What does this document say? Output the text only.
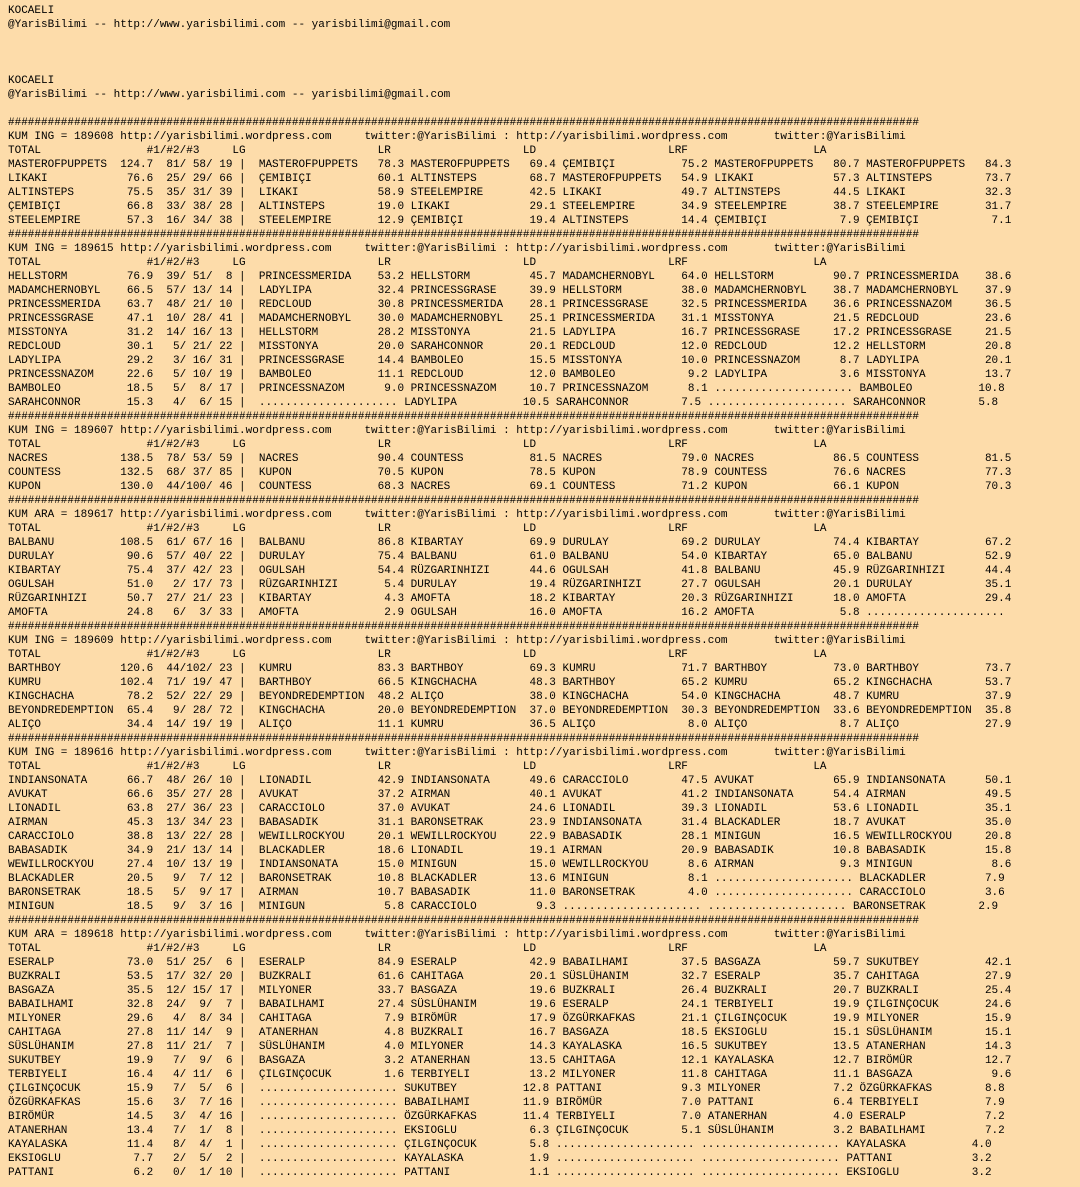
KOCAELI
@YarisBilimi -- http://www.yarisbilimi.com -- yarisbilimi@gmail.com

KOCAELI
@YarisBilimi -- http://www.yarisbilimi.com -- yarisbilimi@gmail.com

##########################################################################################################################################
KUM ING = 189608 http://yarisbilimi.wordpress.com     twitter:@YarisBilimi : http://yarisbilimi.wordpress.com       twitter:@YarisBilimi
TOTAL                #1/#2/#3     LG                    LR                    LD                    LRF                   LA
MASTEROFPUPPETS  124.7  81/ 58/ 19 |  MASTEROFPUPPETS   78.3 MASTEROFPUPPETS   69.4 ÇEMIBIÇI          75.2 MASTEROFPUPPETS   80.7 MASTEROFPUPPETS   84.3
LIKAKI            76.6  25/ 29/ 66 |  ÇEMIBIÇI          60.1 ALTINSTEPS        68.7 MASTEROFPUPPETS   54.9 LIKAKI            57.3 ALTINSTEPS        73.7
ALTINSTEPS        75.5  35/ 31/ 39 |  LIKAKI            58.9 STEELEMPIRE       42.5 LIKAKI            49.7 ALTINSTEPS        44.5 LIKAKI            32.3
ÇEMIBIÇI          66.8  33/ 38/ 28 |  ALTINSTEPS        19.0 LIKAKI            29.1 STEELEMPIRE       34.9 STEELEMPIRE       38.7 STEELEMPIRE       31.7
STEELEMPIRE       57.3  16/ 34/ 38 |  STEELEMPIRE       12.9 ÇEMIBIÇI          19.4 ALTINSTEPS        14.4 ÇEMIBIÇI           7.9 ÇEMIBIÇI           7.1
##########################################################################################################################################
KUM ING = 189615 http://yarisbilimi.wordpress.com     twitter:@YarisBilimi : http://yarisbilimi.wordpress.com       twitter:@YarisBilimi
TOTAL                #1/#2/#3     LG                    LR                    LD                    LRF                   LA
HELLSTORM         76.9  39/ 51/  8 |  PRINCESSMERIDA    53.2 HELLSTORM         45.7 MADAMCHERNOBYL    64.0 HELLSTORM         90.7 PRINCESSMERIDA    38.6
MADAMCHERNOBYL    66.5  57/ 13/ 14 |  LADYLIPA          32.4 PRINCESSGRASE     39.9 HELLSTORM         38.0 MADAMCHERNOBYL    38.7 MADAMCHERNOBYL    37.9
PRINCESSMERIDA    63.7  48/ 21/ 10 |  REDCLOUD          30.8 PRINCESSMERIDA    28.1 PRINCESSGRASE     32.5 PRINCESSMERIDA    36.6 PRINCESSNAZOM     36.5
PRINCESSGRASE     47.1  10/ 28/ 41 |  MADAMCHERNOBYL    30.0 MADAMCHERNOBYL    25.1 PRINCESSMERIDA    31.1 MISSTONYA         21.5 REDCLOUD          23.6
MISSTONYA         31.2  14/ 16/ 13 |  HELLSTORM         28.2 MISSTONYA         21.5 LADYLIPA          16.7 PRINCESSGRASE     17.2 PRINCESSGRASE     21.5
REDCLOUD          30.1   5/ 21/ 22 |  MISSTONYA         20.0 SARAHCONNOR       20.1 REDCLOUD          12.0 REDCLOUD          12.2 HELLSTORM         20.8
LADYLIPA          29.2   3/ 16/ 31 |  PRINCESSGRASE     14.4 BAMBOLEO          15.5 MISSTONYA         10.0 PRINCESSNAZOM      8.7 LADYLIPA          20.1
PRINCESSNAZOM     22.6   5/ 10/ 19 |  BAMBOLEO          11.1 REDCLOUD          12.0 BAMBOLEO           9.2 LADYLIPA           3.6 MISSTONYA         13.7
BAMBOLEO          18.5   5/  8/ 17 |  PRINCESSNAZOM      9.0 PRINCESSNAZOM     10.7 PRINCESSNAZOM      8.1 ..................... BAMBOLEO          10.8
SARAHCONNOR       15.3   4/  6/ 15 |  ..................... LADYLIPA          10.5 SARAHCONNOR        7.5 ..................... SARAHCONNOR        5.8
##########################################################################################################################################
KUM ING = 189607 http://yarisbilimi.wordpress.com     twitter:@YarisBilimi : http://yarisbilimi.wordpress.com       twitter:@YarisBilimi
TOTAL                #1/#2/#3     LG                    LR                    LD                    LRF                   LA
NACRES           138.5  78/ 53/ 59 |  NACRES            90.4 COUNTESS          81.5 NACRES            79.0 NACRES            86.5 COUNTESS          81.5
COUNTESS         132.5  68/ 37/ 85 |  KUPON             70.5 KUPON             78.5 KUPON             78.9 COUNTESS          76.6 NACRES            77.3
KUPON            130.0  44/100/ 46 |  COUNTESS          68.3 NACRES            69.1 COUNTESS          71.2 KUPON             66.1 KUPON             70.3
##########################################################################################################################################
KUM ARA = 189617 http://yarisbilimi.wordpress.com     twitter:@YarisBilimi : http://yarisbilimi.wordpress.com       twitter:@YarisBilimi
TOTAL                #1/#2/#3     LG                    LR                    LD                    LRF                   LA
BALBANU          108.5  61/ 67/ 16 |  BALBANU           86.8 KIBARTAY          69.9 DURULAY           69.2 DURULAY           74.4 KIBARTAY          67.2
DURULAY           90.6  57/ 40/ 22 |  DURULAY           75.4 BALBANU           61.0 BALBANU           54.0 KIBARTAY          65.0 BALBANU           52.9
KIBARTAY          75.4  37/ 42/ 23 |  OGULSAH           54.4 RÜZGARINHIZI      44.6 OGULSAH           41.8 BALBANU           45.9 RÜZGARINHIZI      44.4
OGULSAH           51.0   2/ 17/ 73 |  RÜZGARINHIZI       5.4 DURULAY           19.4 RÜZGARINHIZI      27.7 OGULSAH           20.1 DURULAY           35.1
RÜZGARINHIZI      50.7  27/ 21/ 23 |  KIBARTAY           4.3 AMOFTA            18.2 KIBARTAY          20.3 RÜZGARINHIZI      18.0 AMOFTA            29.4
AMOFTA            24.8   6/  3/ 33 |  AMOFTA             2.9 OGULSAH           16.0 AMOFTA            16.2 AMOFTA             5.8 .....................
##########################################################################################################################################
KUM ING = 189609 http://yarisbilimi.wordpress.com     twitter:@YarisBilimi : http://yarisbilimi.wordpress.com       twitter:@YarisBilimi
TOTAL                #1/#2/#3     LG                    LR                    LD                    LRF                   LA
BARTHBOY         120.6  44/102/ 23 |  KUMRU             83.3 BARTHBOY          69.3 KUMRU             71.7 BARTHBOY          73.0 BARTHBOY          73.7
KUMRU            102.4  71/ 19/ 47 |  BARTHBOY          66.5 KINGCHACHA        48.3 BARTHBOY          65.2 KUMRU             65.2 KINGCHACHA        53.7
KINGCHACHA        78.2  52/ 22/ 29 |  BEYONDREDEMPTION  48.2 ALIÇO             38.0 KINGCHACHA        54.0 KINGCHACHA        48.7 KUMRU             37.9
BEYONDREDEMPTION  65.4   9/ 28/ 72 |  KINGCHACHA        20.0 BEYONDREDEMPTION  37.0 BEYONDREDEMPTION  30.3 BEYONDREDEMPTION  33.6 BEYONDREDEMPTION  35.8
ALIÇO             34.4  14/ 19/ 19 |  ALIÇO             11.1 KUMRU             36.5 ALIÇO              8.0 ALIÇO              8.7 ALIÇO             27.9
##########################################################################################################################################
KUM ING = 189616 http://yarisbilimi.wordpress.com     twitter:@YarisBilimi : http://yarisbilimi.wordpress.com       twitter:@YarisBilimi
TOTAL                #1/#2/#3     LG                    LR                    LD                    LRF                   LA
INDIANSONATA      66.7  48/ 26/ 10 |  LIONADIL          42.9 INDIANSONATA      49.6 CARACCIOLO        47.5 AVUKAT            65.9 INDIANSONATA      50.1
AVUKAT            66.6  35/ 27/ 28 |  AVUKAT            37.2 AIRMAN            40.1 AVUKAT            41.2 INDIANSONATA      54.4 AIRMAN            49.5
LIONADIL          63.8  27/ 36/ 23 |  CARACCIOLO        37.0 AVUKAT            24.6 LIONADIL          39.3 LIONADIL          53.6 LIONADIL          35.1
AIRMAN            45.3  13/ 34/ 23 |  BABASADIK         31.1 BARONSETRAK       23.9 INDIANSONATA      31.4 BLACKADLER        18.7 AVUKAT            35.0
CARACCIOLO        38.8  13/ 22/ 28 |  WEWILLROCKYOU     20.1 WEWILLROCKYOU     22.9 BABASADIK         28.1 MINIGUN           16.5 WEWILLROCKYOU     20.8
BABASADIK         34.9  21/ 13/ 14 |  BLACKADLER        18.6 LIONADIL          19.1 AIRMAN            20.9 BABASADIK         10.8 BABASADIK         15.8
WEWILLROCKYOU     27.4  10/ 13/ 19 |  INDIANSONATA      15.0 MINIGUN           15.0 WEWILLROCKYOU      8.6 AIRMAN             9.3 MINIGUN            8.6
BLACKADLER        20.5   9/  7/ 12 |  BARONSETRAK       10.8 BLACKADLER        13.6 MINIGUN            8.1 ..................... BLACKADLER         7.9
BARONSETRAK       18.5   5/  9/ 17 |  AIRMAN            10.7 BABASADIK         11.0 BARONSETRAK        4.0 ..................... CARACCIOLO         3.6
MINIGUN           18.5   9/  3/ 16 |  MINIGUN            5.8 CARACCIOLO         9.3 ..................... ..................... BARONSETRAK        2.9
##########################################################################################################################################
KUM ARA = 189618 http://yarisbilimi.wordpress.com     twitter:@YarisBilimi : http://yarisbilimi.wordpress.com       twitter:@YarisBilimi
TOTAL                #1/#2/#3     LG                    LR                    LD                    LRF                   LA
ESERALP           73.0  51/ 25/  6 |  ESERALP           84.9 ESERALP           42.9 BABAILHAMI        37.5 BASGAZA           59.7 SUKUTBEY          42.1
BUZKRALI          53.5  17/ 32/ 20 |  BUZKRALI          61.6 CAHITAGA          20.1 SÜSLÜHANIM        32.7 ESERALP           35.7 CAHITAGA          27.9
BASGAZA           35.5  12/ 15/ 17 |  MILYONER          33.7 BASGAZA           19.6 BUZKRALI          26.4 BUZKRALI          20.7 BUZKRALI          25.4
BABAILHAMI        32.8  24/  9/  7 |  BABAILHAMI        27.4 SÜSLÜHANIM        19.6 ESERALP           24.1 TERBIYELI         19.9 ÇILGINÇOCUK       24.6
MILYONER          29.6   4/  8/ 34 |  CAHITAGA           7.9 BIRÖMÜR           17.9 ÖZGÜRKAFKAS       21.1 ÇILGINÇOCUK       19.9 MILYONER          15.9
CAHITAGA          27.8  11/ 14/  9 |  ATANERHAN          4.8 BUZKRALI          16.7 BASGAZA           18.5 EKSIOGLU          15.1 SÜSLÜHANIM        15.1
SÜSLÜHANIM        27.8  11/ 21/  7 |  SÜSLÜHANIM         4.0 MILYONER          14.3 KAYALASKA         16.5 SUKUTBEY          13.5 ATANERHAN         14.3
SUKUTBEY          19.9   7/  9/  6 |  BASGAZA            3.2 ATANERHAN         13.5 CAHITAGA          12.1 KAYALASKA         12.7 BIRÖMÜR           12.7
TERBIYELI         16.4   4/ 11/  6 |  ÇILGINÇOCUK        1.6 TERBIYELI         13.2 MILYONER          11.8 CAHITAGA          11.1 BASGAZA            9.6
ÇILGINÇOCUK       15.9   7/  5/  6 |  ..................... SUKUTBEY          12.8 PATTANI            9.3 MILYONER           7.2 ÖZGÜRKAFKAS        8.8
ÖZGÜRKAFKAS       15.6   3/  7/ 16 |  ..................... BABAILHAMI        11.9 BIRÖMÜR            7.0 PATTANI            6.4 TERBIYELI          7.9
BIRÖMÜR           14.5   3/  4/ 16 |  ..................... ÖZGÜRKAFKAS       11.4 TERBIYELI          7.0 ATANERHAN          4.0 ESERALP            7.2
ATANERHAN         13.4   7/  1/  8 |  ..................... EKSIOGLU           6.3 ÇILGINÇOCUK        5.1 SÜSLÜHANIM         3.2 BABAILHAMI         7.2
KAYALASKA         11.4   8/  4/  1 |  ..................... ÇILGINÇOCUK        5.8 ..................... ..................... KAYALASKA          4.0
EKSIOGLU           7.7   2/  5/  2 |  ..................... KAYALASKA          1.9 ..................... ..................... PATTANI            3.2
PATTANI            6.2   0/  1/ 10 |  ..................... PATTANI            1.1 ..................... ..................... EKSIOGLU           3.2
